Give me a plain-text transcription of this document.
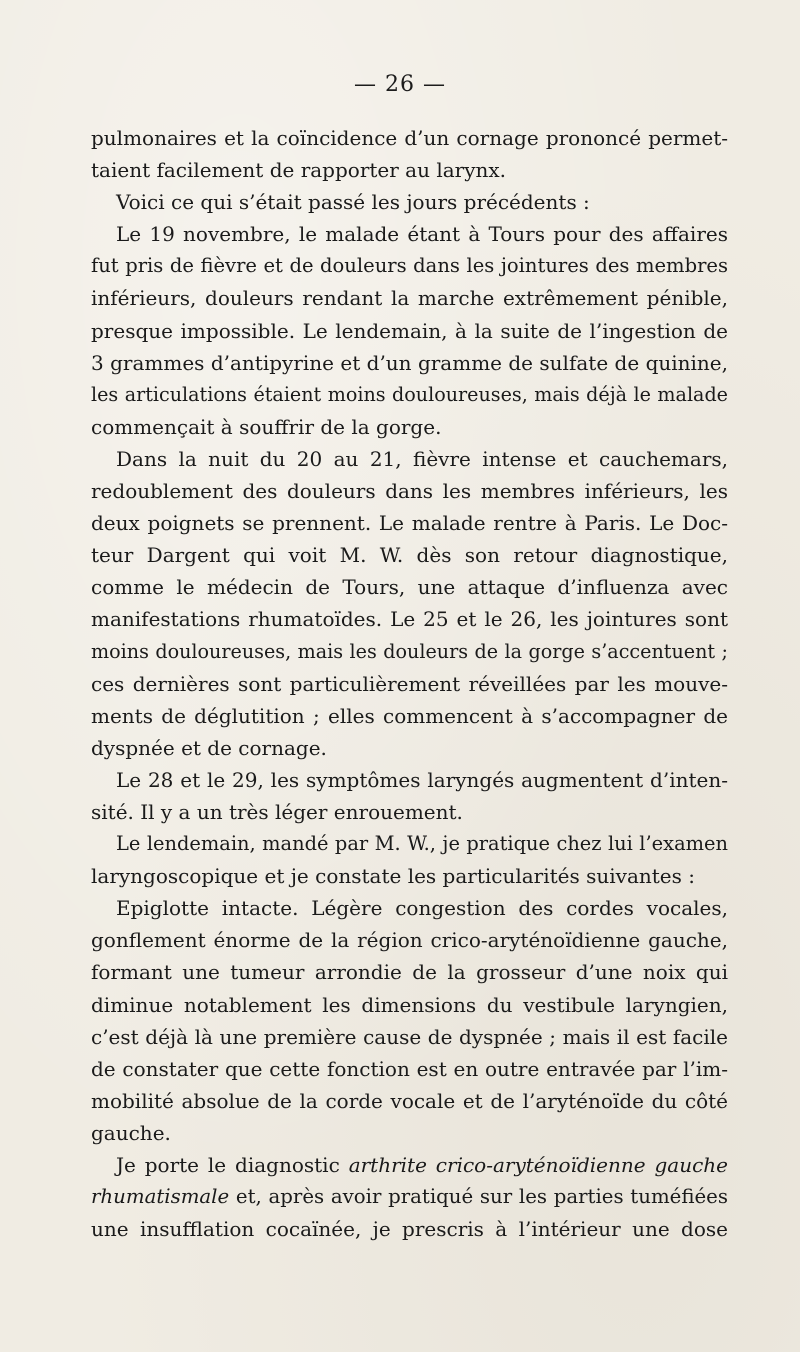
— 26 —
pulmonaires et la coïncidence d’un cornage prononcé permet-
taient facilement de rapporter au larynx.
Voici ce qui s’était passé les jours précédents :
Le 19 novembre, le malade étant à Tours pour des affaires
fut pris de fièvre et de douleurs dans les jointures des membres
inférieurs, douleurs rendant la marche extrêmement pénible,
presque impossible. Le lendemain, à la suite de l’ingestion de
3 grammes d’antipyrine et d’un gramme de sulfate de quinine,
les articulations étaient moins douloureuses, mais déjà le malade
commençait à souffrir de la gorge.
Dans la nuit du 20 au 21, fièvre intense et cauchemars,
redoublement des douleurs dans les membres inférieurs, les
deux poignets se prennent. Le malade rentre à Paris. Le Doc-
teur Dargent qui voit M. W. dès son retour diagnostique,
comme le médecin de Tours, une attaque d’influenza avec
manifestations rhumatoïdes. Le 25 et le 26, les jointures sont
moins douloureuses, mais les douleurs de la gorge s’accentuent ;
ces dernières sont particulièrement réveillées par les mouve-
ments de déglutition ; elles commencent à s’accompagner de
dyspnée et de cornage.
Le 28 et le 29, les symptômes laryngés augmentent d’inten-
sité. Il y a un très léger enrouement.
Le lendemain, mandé par M. W., je pratique chez lui l’examen
laryngoscopique et je constate les particularités suivantes :
Epiglotte intacte. Légère congestion des cordes vocales,
gonflement énorme de la région crico-aryténoïdienne gauche,
formant une tumeur arrondie de la grosseur d’une noix qui
diminue notablement les dimensions du vestibule laryngien,
c’est déjà là une première cause de dyspnée ; mais il est facile
de constater que cette fonction est en outre entravée par l’im-
mobilité absolue de la corde vocale et de l’aryténoïde du côté
gauche.
Je porte le diagnostic arthrite crico-aryténoïdienne gauche
rhumatismale et, après avoir pratiqué sur les parties tuméfiées
une insufflation cocaïnée, je prescris à l’intérieur une dose
